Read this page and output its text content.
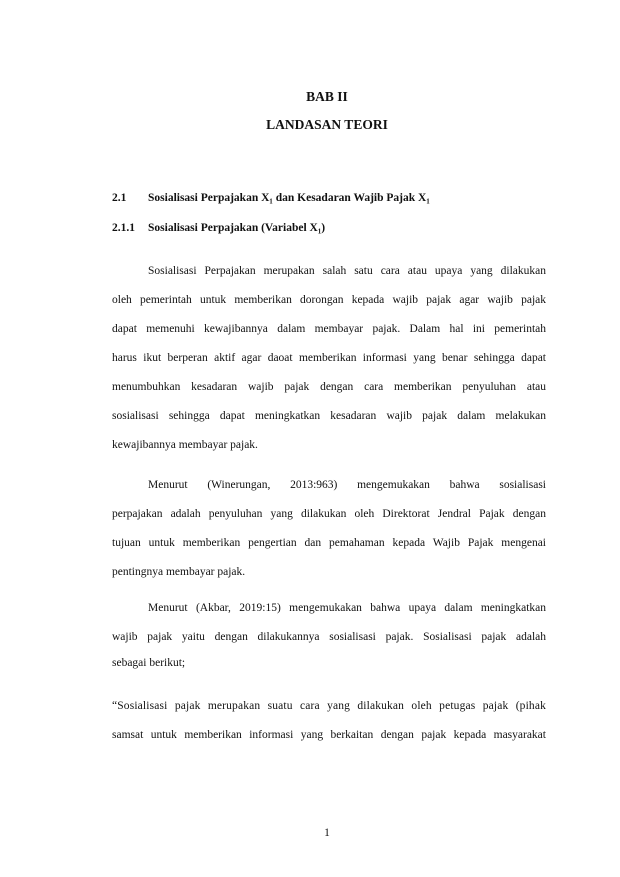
BAB II

LANDASAN TEORI

2.1 Sosialisasi Perpajakan X₁ dan Kesadaran Wajib Pajak X₁

2.1.1 Sosialisasi Perpajakan (Variabel X₁)

Sosialisasi Perpajakan merupakan salah satu cara atau upaya yang dilakukan
oleh pemerintah untuk memberikan dorongan kepada wajib pajak agar wajib pajak
dapat memenuhi kewajibannya dalam membayar pajak. Dalam hal ini pemerintah
harus ikut berperan aktif agar daoat memberikan informasi yang benar sehingga dapat
menumbuhkan kesadaran wajib pajak dengan cara memberikan penyuluhan atau
sosialisasi sehingga dapat meningkatkan kesadaran wajib pajak dalam melakukan
kewajibannya membayar pajak.
Menurut (Winerungan, 2013:963) mengemukakan bahwa sosialisasi
perpajakan adalah penyuluhan yang dilakukan oleh Direktorat Jendral Pajak dengan
tujuan untuk memberikan pengertian dan pemahaman kepada Wajib Pajak mengenai
pentingnya membayar pajak.
Menurut (Akbar, 2019:15) mengemukakan bahwa upaya dalam meningkatkan
wajib pajak yaitu dengan dilakukannya sosialisasi pajak. Sosialisasi pajak adalah
sebagai berikut;
“Sosialisasi pajak merupakan suatu cara yang dilakukan oleh petugas pajak (pihak
samsat untuk memberikan informasi yang berkaitan dengan pajak kepada masyarakat

1
